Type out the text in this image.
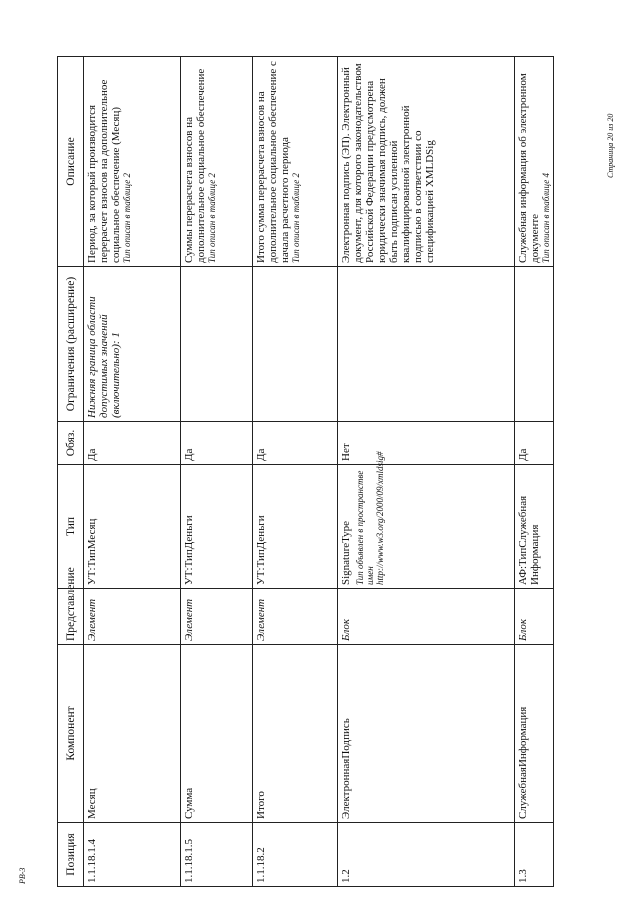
Позиция	Компонент	Представление	Тип	Обяз.	Ограничения (расширение)	Описание
1.1.18.1.4	Месяц	Элемент	УТ:ТипМесяц	Да	Нижняя граница области допустимых значений (включительно): 1	Период, за который производится перерасчет взносов на дополнительное социальное обеспечение (Месяц) Тип описан в таблице 2

1.1.18.1.5	Сумма	Элемент	УТ:ТипДеньги	Да		Суммы перерасчета взносов на дополнительное социальное обеспечение Тип описан в таблице 2

1.1.18.2	Итого	Элемент	УТ:ТипДеньги	Да		Итого сумма перерасчета взносов на дополнительное социальное обеспечение с начала расчетного периода Тип описан в таблице 2

1.2	ЭлектроннаяПодпись	Блок	SignatureType Тип объявлен в пространстве имен http://www.w3.org/2000/09/xmldsig#	Нет		Электронная подпись (ЭП). Электронный документ, для которого законодательством Российской Федерации предусмотрена юридически значимая подпись, должен быть подписан усиленной квалифицированной электронной подписью в соответствии со спецификацией XMLDSig

1.3	СлужебнаяИнформация	Блок	АФ:ТипСлужебная Информация	Да		Служебная информация об электронном документе Тип описан в таблице 4
РВ-3
Страница 20 из 20
